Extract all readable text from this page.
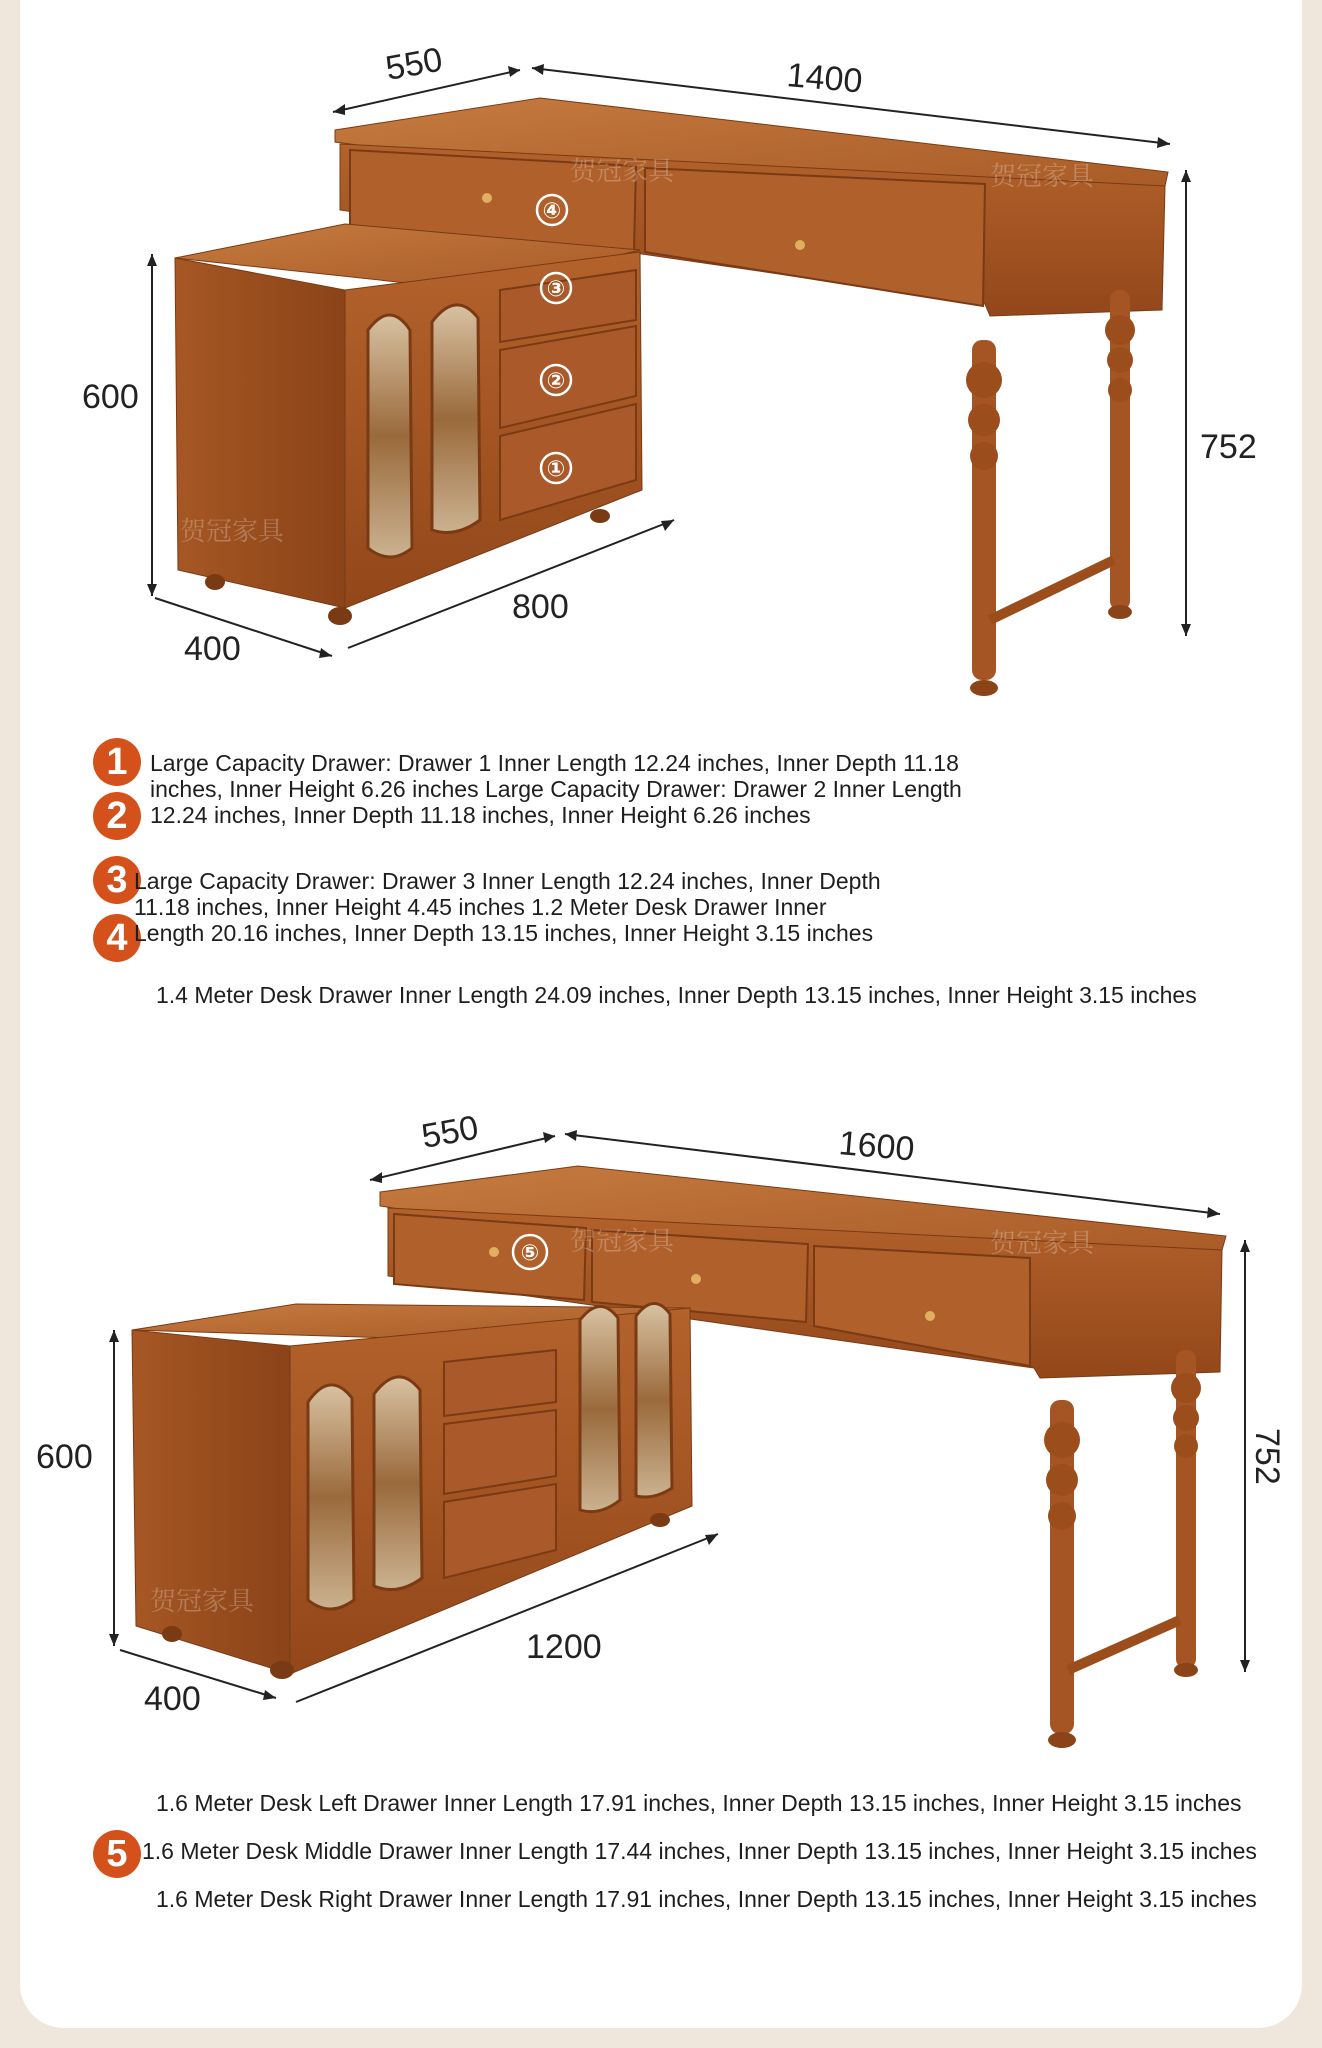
贺冠家具	贺冠家具
贺冠家具
④
③
②
①
550	1400
600
752
800
400
1
2
Large Capacity Drawer: Drawer 1 Inner Length 12.24 inches, Inner Depth 11.18
inches, Inner Height 6.26 inches Large Capacity Drawer: Drawer 2 Inner Length
12.24 inches, Inner Depth 11.18 inches, Inner Height 6.26 inches
3
4
Large Capacity Drawer: Drawer 3 Inner Length 12.24 inches, Inner Depth
11.18 inches, Inner Height 4.45 inches 1.2 Meter Desk Drawer Inner
Length 20.16 inches, Inner Depth 13.15 inches, Inner Height 3.15 inches
1.4 Meter Desk Drawer Inner Length 24.09 inches, Inner Depth 13.15 inches, Inner Height 3.15 inches
贺冠家具	贺冠家具
贺冠家具
⑤
550	1600
600	752
1200
400
1.6 Meter Desk Left Drawer Inner Length 17.91 inches, Inner Depth 13.15 inches, Inner Height 3.15 inches
5 1.6 Meter Desk Middle Drawer Inner Length 17.44 inches, Inner Depth 13.15 inches, Inner Height 3.15 inches
1.6 Meter Desk Right Drawer Inner Length 17.91 inches, Inner Depth 13.15 inches, Inner Height 3.15 inches
